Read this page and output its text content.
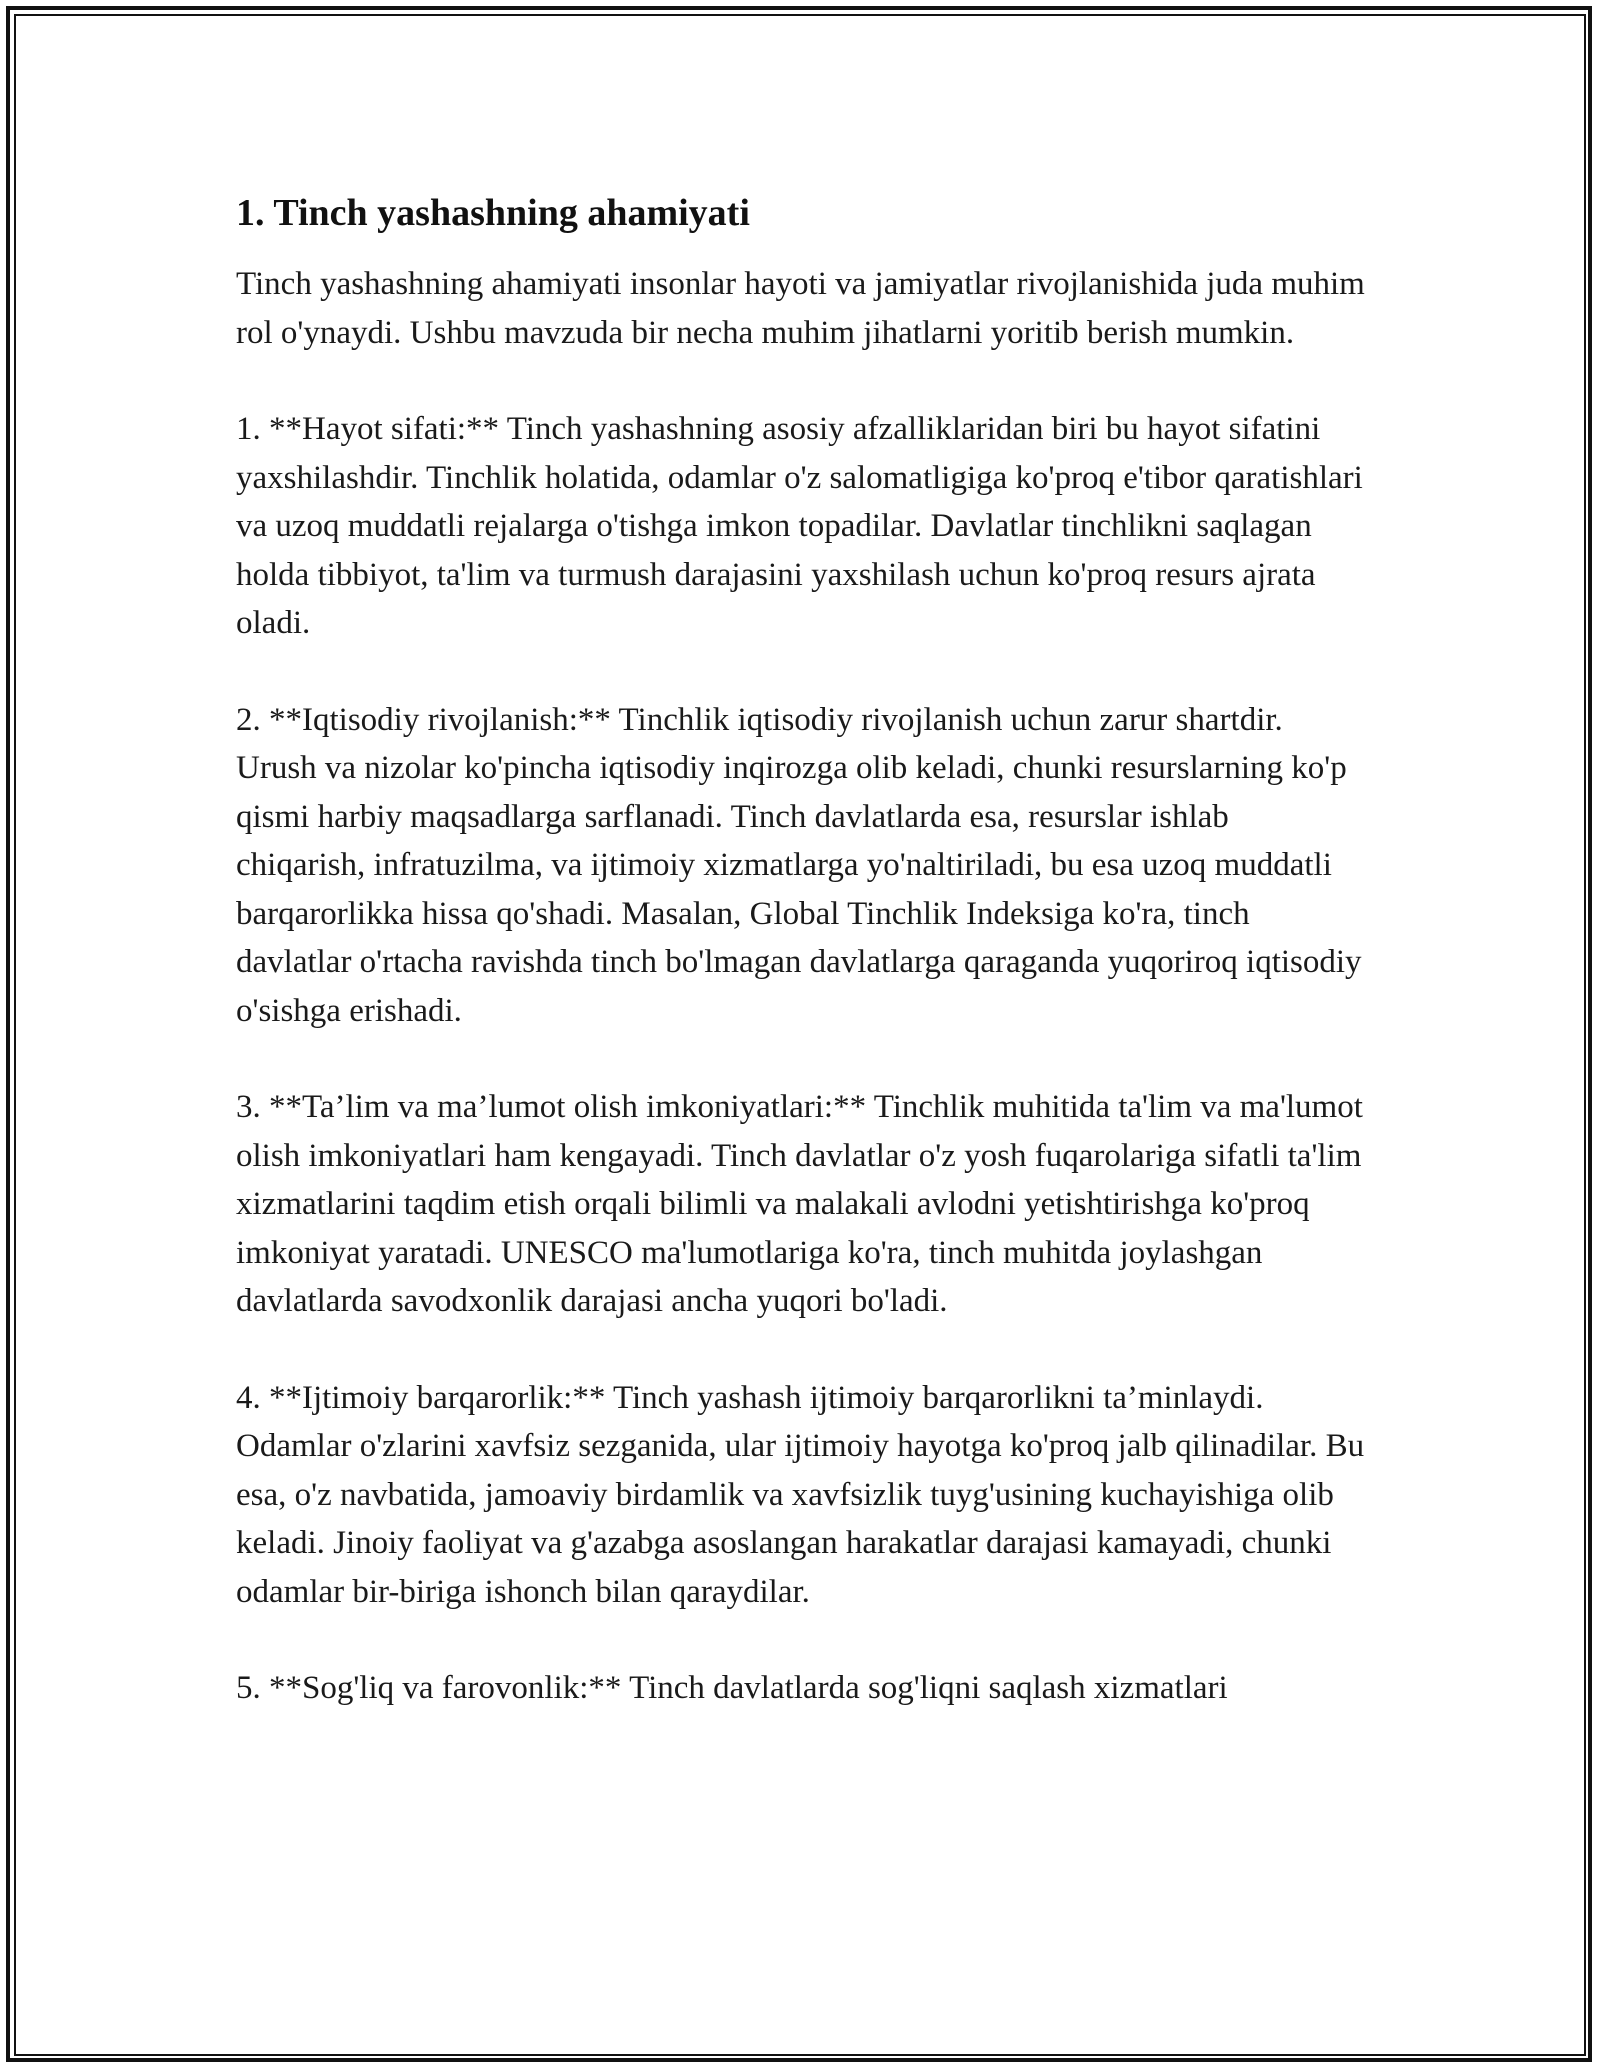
1. Tinch yashashning ahamiyati

Tinch yashashning ahamiyati insonlar hayoti va jamiyatlar rivojlanishida juda muhim rol o'ynaydi. Ushbu mavzuda bir necha muhim jihatlarni yoritib berish mumkin.

1. **Hayot sifati:** Tinch yashashning asosiy afzalliklaridan biri bu hayot sifatini yaxshilashdir. Tinchlik holatida, odamlar o'z salomatligiga ko'proq e'tibor qaratishlari va uzoq muddatli rejalarga o'tishga imkon topadilar. Davlatlar tinchlikni saqlagan holda tibbiyot, ta'lim va turmush darajasini yaxshilash uchun ko'proq resurs ajrata oladi.

2. **Iqtisodiy rivojlanish:** Tinchlik iqtisodiy rivojlanish uchun zarur shartdir. Urush va nizolar ko'pincha iqtisodiy inqirozga olib keladi, chunki resurslarning ko'p qismi harbiy maqsadlarga sarflanadi. Tinch davlatlarda esa, resurslar ishlab chiqarish, infratuzilma, va ijtimoiy xizmatlarga yo'naltiriladi, bu esa uzoq muddatli barqarorlikka hissa qo'shadi. Masalan, Global Tinchlik Indeksiga ko'ra, tinch davlatlar o'rtacha ravishda tinch bo'lmagan davlatlarga qaraganda yuqoriroq iqtisodiy o'sishga erishadi.

3. **Ta’lim va ma’lumot olish imkoniyatlari:** Tinchlik muhitida ta'lim va ma'lumot olish imkoniyatlari ham kengayadi. Tinch davlatlar o'z yosh fuqarolariga sifatli ta'lim xizmatlarini taqdim etish orqali bilimli va malakali avlodni yetishtirishga ko'proq imkoniyat yaratadi. UNESCO ma'lumotlariga ko'ra, tinch muhitda joylashgan davlatlarda savodxonlik darajasi ancha yuqori bo'ladi.

4. **Ijtimoiy barqarorlik:** Tinch yashash ijtimoiy barqarorlikni ta’minlaydi. Odamlar o'zlarini xavfsiz sezganida, ular ijtimoiy hayotga ko'proq jalb qilinadilar. Bu esa, o'z navbatida, jamoaviy birdamlik va xavfsizlik tuyg'usining kuchayishiga olib keladi. Jinoiy faoliyat va g'azabga asoslangan harakatlar darajasi kamayadi, chunki odamlar bir-biriga ishonch bilan qaraydilar.

5. **Sog'liq va farovonlik:** Tinch davlatlarda sog'liqni saqlash xizmatlari
